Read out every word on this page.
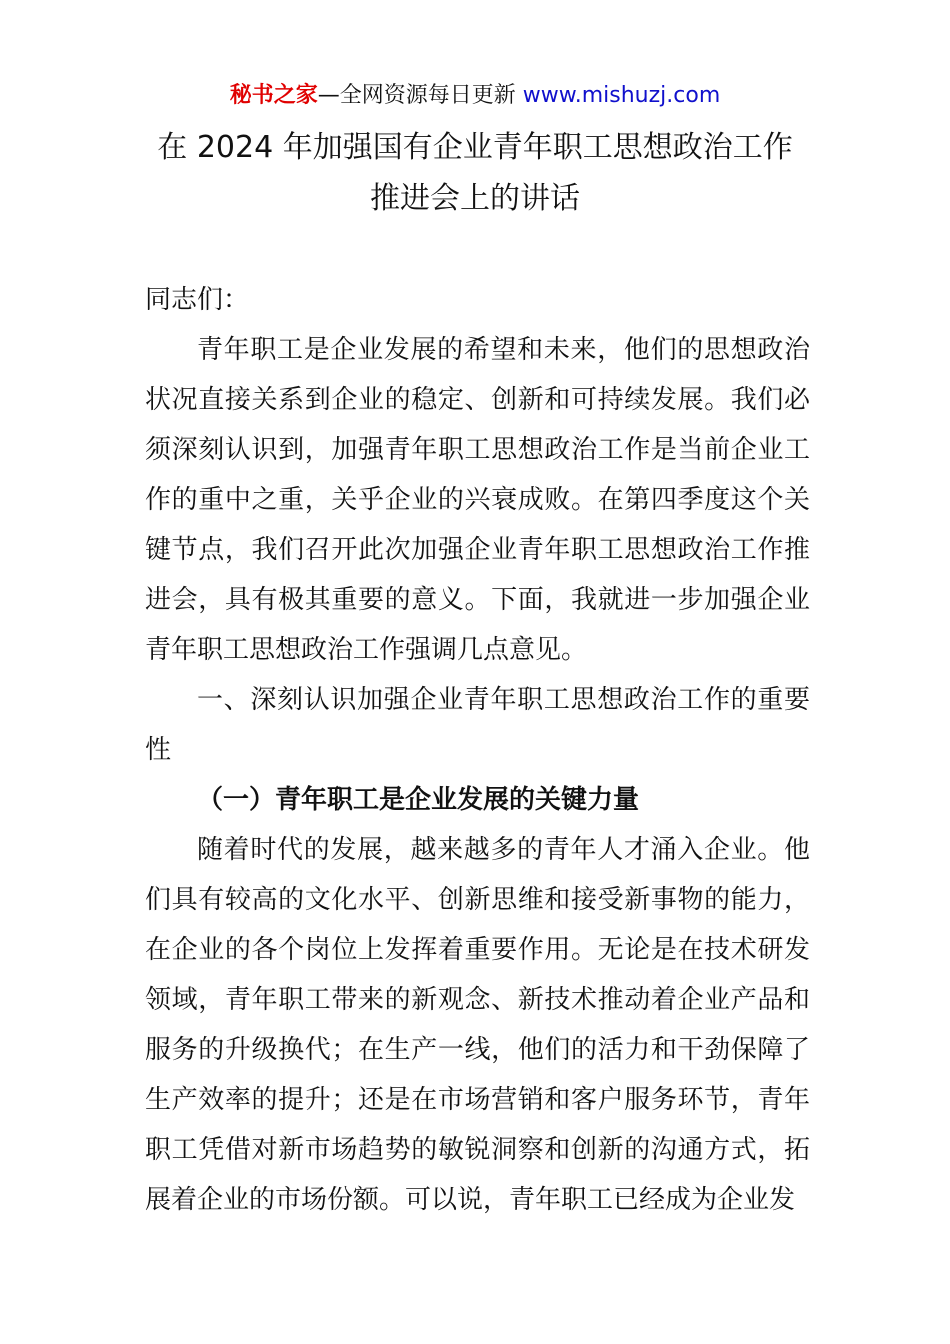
秘书之家—全网资源每日更新 www.mishuzj.com
在 2024 年加强国有企业青年职工思想政治工作
推进会上的讲话

同志们：

青年职工是企业发展的希望和未来，他们的思想政治状况直接关系到企业的稳定、创新和可持续发展。我们必须深刻认识到，加强青年职工思想政治工作是当前企业工作的重中之重，关乎企业的兴衰成败。在第四季度这个关键节点，我们召开此次加强企业青年职工思想政治工作推进会，具有极其重要的意义。下面，我就进一步加强企业青年职工思想政治工作强调几点意见。

一、深刻认识加强企业青年职工思想政治工作的重要性

（一）青年职工是企业发展的关键力量

随着时代的发展，越来越多的青年人才涌入企业。他们具有较高的文化水平、创新思维和接受新事物的能力，在企业的各个岗位上发挥着重要作用。无论是在技术研发领域，青年职工带来的新观念、新技术推动着企业产品和服务的升级换代；在生产一线，他们的活力和干劲保障了生产效率的提升；还是在市场营销和客户服务环节，青年职工凭借对新市场趋势的敏锐洞察和创新的沟通方式，拓展着企业的市场份额。可以说，青年职工已经成为企业发
